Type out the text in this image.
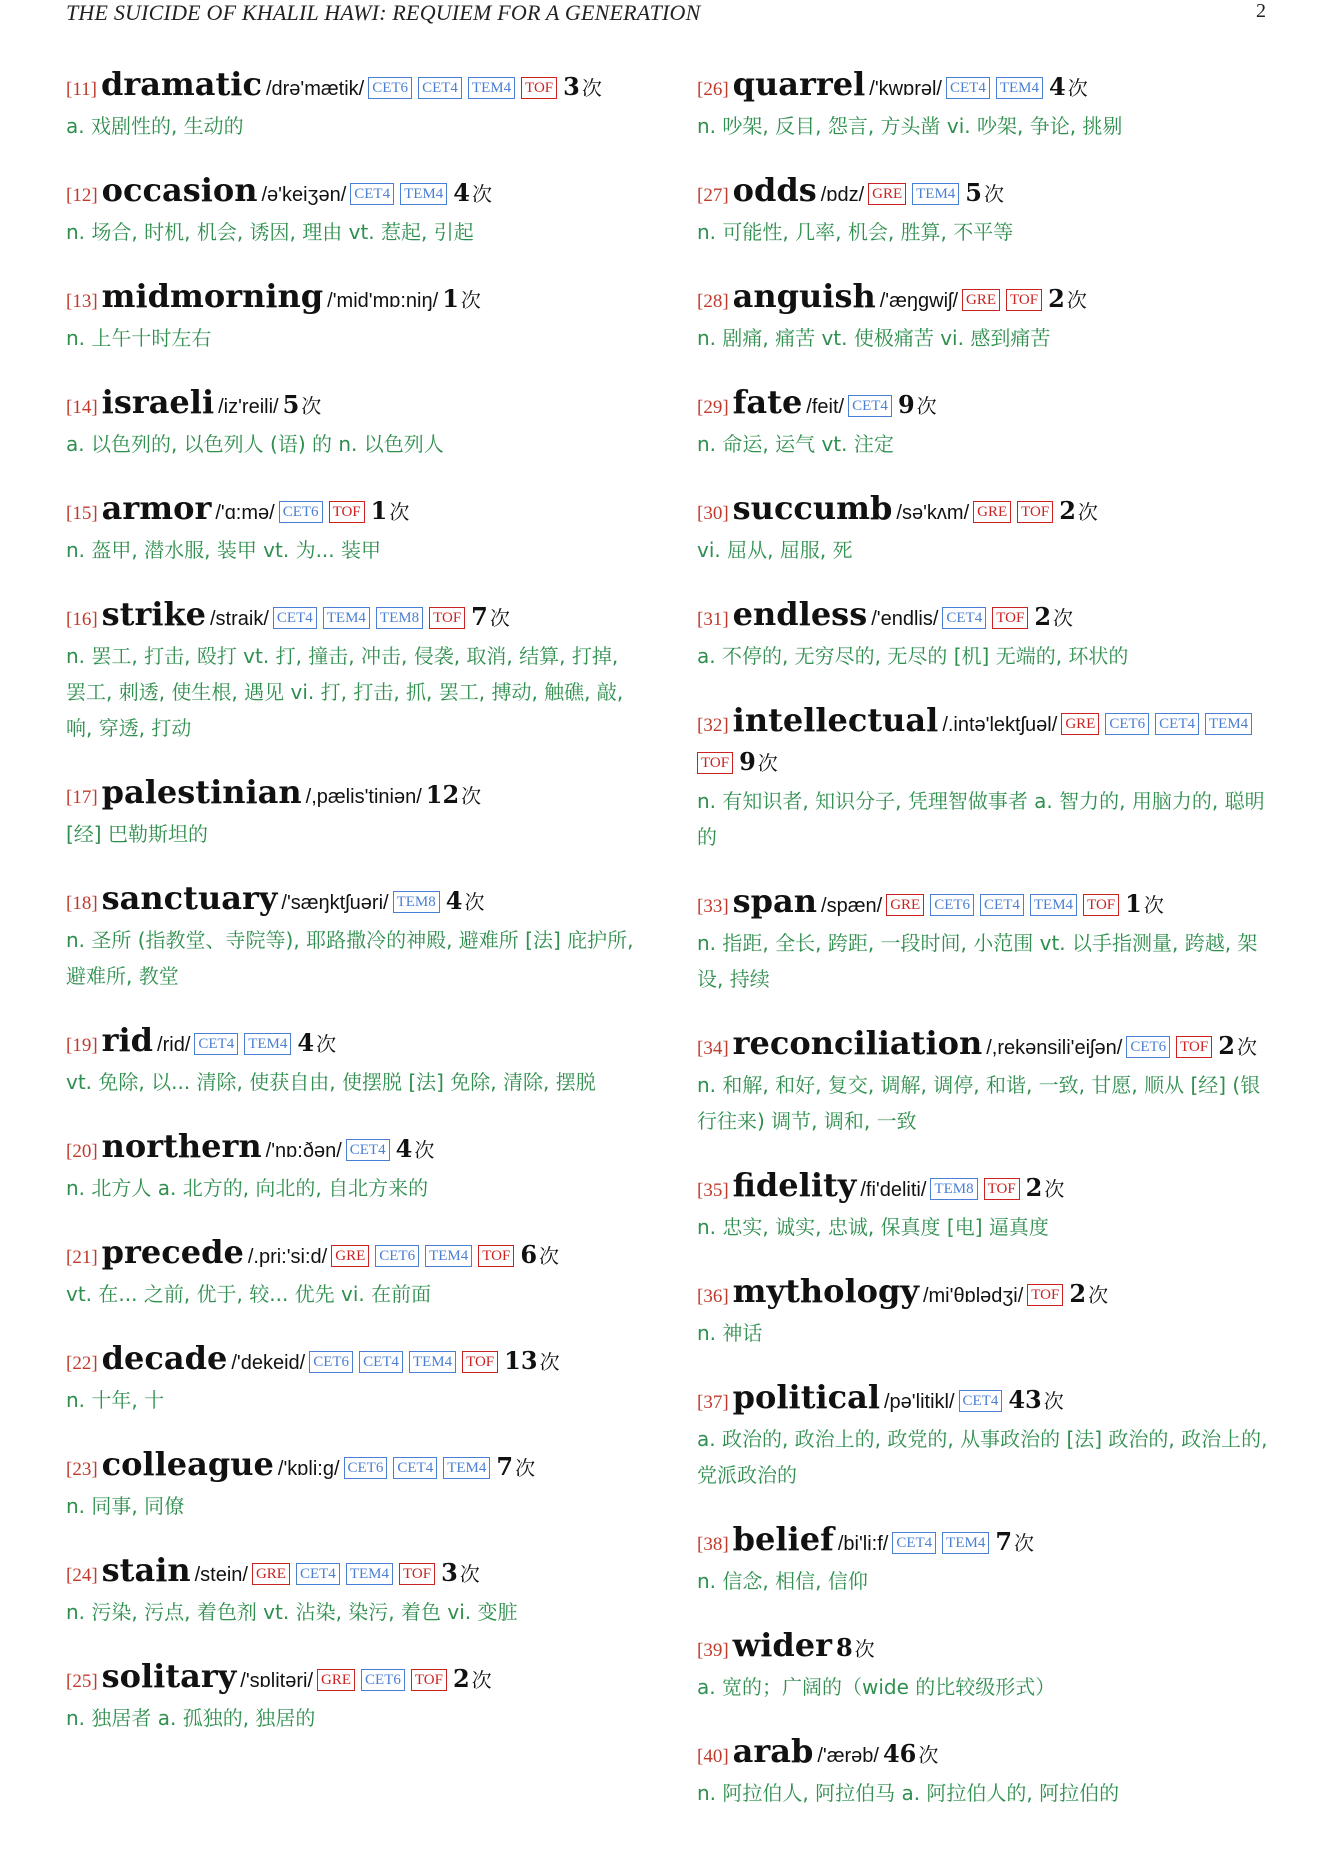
THE SUICIDE OF KHALIL HAWI: REQUIEM FOR A GENERATION	2
[11] dramatic /drə'mætik/ CET6 CET4 TEM4 TOF 3 次
a. 戏剧性的, 生动的
[12] occasion /ə'keiʒən/ CET4 TEM4 4 次
n. 场合, 时机, 机会, 诱因, 理由 vt. 惹起, 引起
[13] midmorning /'mid'mɒ:niŋ/ 1 次
n. 上午十时左右
[14] israeli /iz'reili/ 5 次
a. 以色列的, 以色列人 (语) 的 n. 以色列人
[15] armor /'ɑ:mə/ CET6 TOF 1 次
n. 盔甲, 潜水服, 装甲 vt. 为... 装甲
[16] strike /straik/ CET4 TEM4 TEM8 TOF 7 次
n. 罢工, 打击, 殴打 vt. 打, 撞击, 冲击, 侵袭, 取消, 结算, 打掉, 罢工, 刺透, 使生根, 遇见 vi. 打, 打击, 抓, 罢工, 搏动, 触礁, 敲, 响, 穿透, 打动
[17] palestinian /,pælis'tiniən/ 12 次
[经] 巴勒斯坦的
[18] sanctuary /'sæŋktʃuəri/ TEM8 4 次
n. 圣所 (指教堂、寺院等), 耶路撒冷的神殿, 避难所 [法] 庇护所, 避难所, 教堂
[19] rid /rid/ CET4 TEM4 4 次
vt. 免除, 以... 清除, 使获自由, 使摆脱 [法] 免除, 清除, 摆脱
[20] northern /'nɒ:ðən/ CET4 4 次
n. 北方人 a. 北方的, 向北的, 自北方来的
[21] precede /.pri:'si:d/ GRE CET6 TEM4 TOF 6 次
vt. 在... 之前, 优于, 较... 优先 vi. 在前面
[22] decade /'dekeid/ CET6 CET4 TEM4 TOF 13 次
n. 十年, 十
[23] colleague /'kɒli:g/ CET6 CET4 TEM4 7 次
n. 同事, 同僚
[24] stain /stein/ GRE CET4 TEM4 TOF 3 次
n. 污染, 污点, 着色剂 vt. 沾染, 染污, 着色 vi. 变脏
[25] solitary /'sɒlitəri/ GRE CET6 TOF 2 次
n. 独居者 a. 孤独的, 独居的
[26] quarrel /'kwɒrəl/ CET4 TEM4 4 次
n. 吵架, 反目, 怨言, 方头凿 vi. 吵架, 争论, 挑剔
[27] odds /ɒdz/ GRE TEM4 5 次
n. 可能性, 几率, 机会, 胜算, 不平等
[28] anguish /'æŋgwiʃ/ GRE TOF 2 次
n. 剧痛, 痛苦 vt. 使极痛苦 vi. 感到痛苦
[29] fate /feit/ CET4 9 次
n. 命运, 运气 vt. 注定
[30] succumb /sə'kʌm/ GRE TOF 2 次
vi. 屈从, 屈服, 死
[31] endless /'endlis/ CET4 TOF 2 次
a. 不停的, 无穷尽的, 无尽的 [机] 无端的, 环状的
[32] intellectual /.intə'lektʃuəl/ GRE CET6 CET4 TEM4TOF 9 次
n. 有知识者, 知识分子, 凭理智做事者 a. 智力的, 用脑力的, 聪明的
[33] span /spæn/ GRE CET6 CET4 TEM4 TOF 1 次
n. 指距, 全长, 跨距, 一段时间, 小范围 vt. 以手指测量, 跨越, 架设, 持续
[34] reconciliation /,rekənsili'eiʃən/ CET6 TOF 2 次
n. 和解, 和好, 复交, 调解, 调停, 和谐, 一致, 甘愿, 顺从 [经] (银行往来) 调节, 调和, 一致
[35] fidelity /fi'deliti/ TEM8 TOF 2 次
n. 忠实, 诚实, 忠诚, 保真度 [电] 逼真度
[36] mythology /mi'θɒlədʒi/ TOF 2 次
n. 神话
[37] political /pə'litikl/ CET4 43 次
a. 政治的, 政治上的, 政党的, 从事政治的 [法] 政治的, 政治上的, 党派政治的
[38] belief /bi'li:f/ CET4 TEM4 7 次
n. 信念, 相信, 信仰
[39] wider 8 次
a. 宽的；广阔的（wide 的比较级形式）
[40] arab /'ærəb/ 46 次
n. 阿拉伯人, 阿拉伯马 a. 阿拉伯人的, 阿拉伯的
